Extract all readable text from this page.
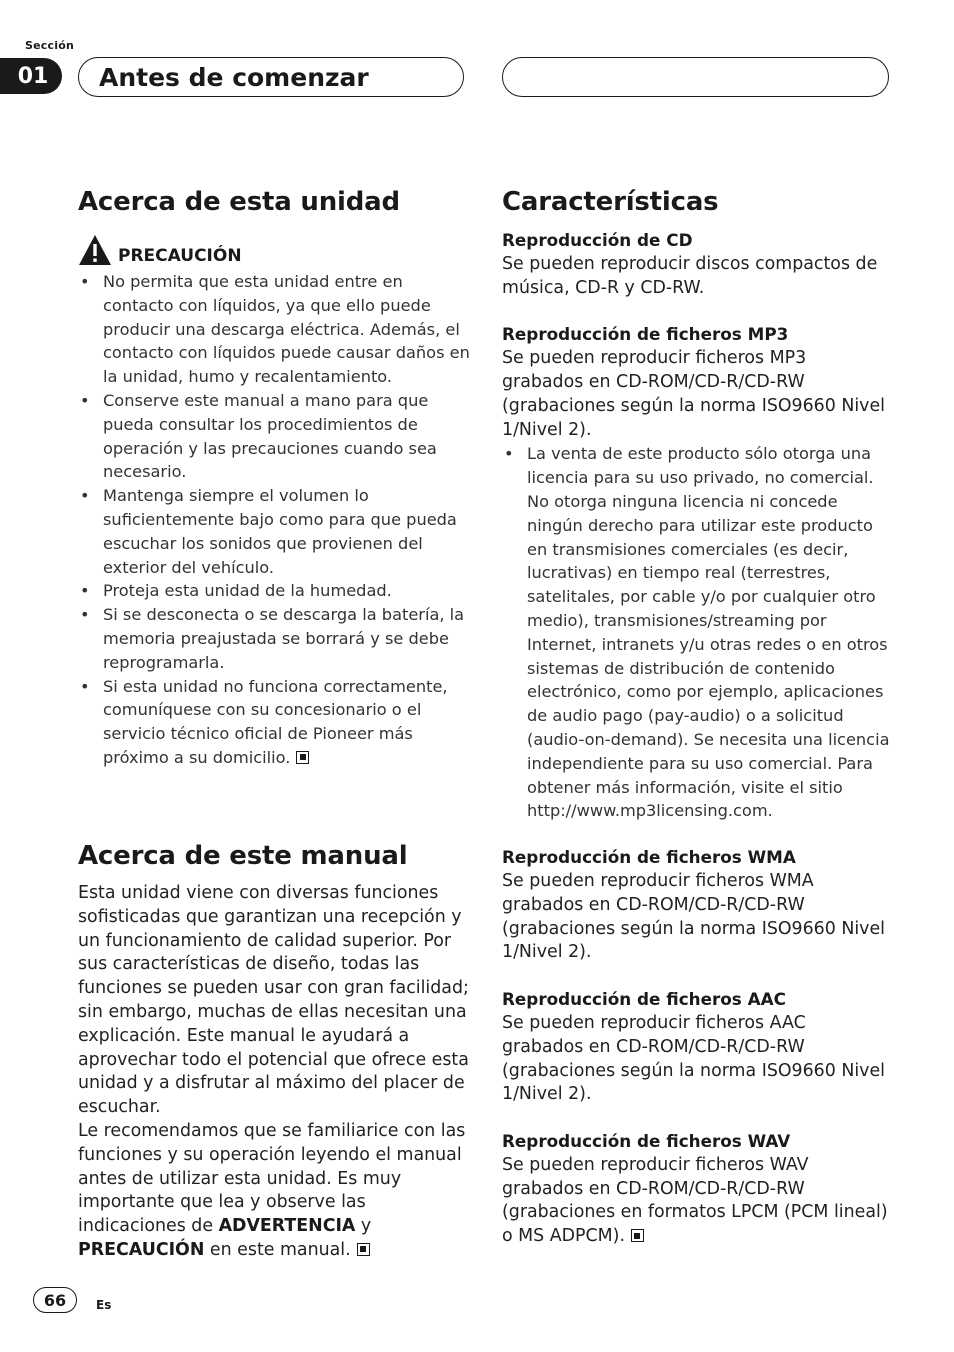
Sección
01	Antes de comenzar
Acerca de esta unidad
PRECAUCIÓN
• No permita que esta unidad entre en contacto con líquidos, ya que ello puede producir una descarga eléctrica. Además, el contacto con líquidos puede causar daños en la unidad, humo y recalentamiento.
• Conserve este manual a mano para que pueda consultar los procedimientos de operación y las precauciones cuando sea necesario.
• Mantenga siempre el volumen lo suficientemente bajo como para que pueda escuchar los sonidos que provienen del exterior del vehículo.
• Proteja esta unidad de la humedad.
• Si se desconecta o se descarga la batería, la memoria preajustada se borrará y se debe reprogramarla.
• Si esta unidad no funciona correctamente, comuníquese con su concesionario o el servicio técnico oficial de Pioneer más próximo a su domicilio.
Acerca de este manual

Esta unidad viene con diversas funciones sofisticadas que garantizan una recepción y un funcionamiento de calidad superior. Por sus características de diseño, todas las funciones se pueden usar con gran facilidad; sin embargo, muchas de ellas necesitan una explicación. Este manual le ayudará a aprovechar todo el potencial que ofrece esta unidad y a disfrutar al máximo del placer de escuchar.

Le recomendamos que se familiarice con las funciones y su operación leyendo el manual antes de utilizar esta unidad. Es muy importante que lea y observe las indicaciones de ADVERTENCIA y PRECAUCIÓN en este manual.

Características

Reproducción de CD

Se pueden reproducir discos compactos de música, CD-R y CD-RW.

Reproducción de ficheros MP3

Se pueden reproducir ficheros MP3 grabados en CD-ROM/CD-R/CD-RW (grabaciones según la norma ISO9660 Nivel 1/Nivel 2).

• La venta de este producto sólo otorga una licencia para su uso privado, no comercial. No otorga ninguna licencia ni concede ningún derecho para utilizar este producto en transmisiones comerciales (es decir, lucrativas) en tiempo real (terrestres, satelitales, por cable y/o por cualquier otro medio), transmisiones/streaming por Internet, intranets y/u otras redes o en otros sistemas de distribución de contenido electrónico, como por ejemplo, aplicaciones de audio pago (pay-audio) o a solicitud (audio-on-demand). Se necesita una licencia independiente para su uso comercial. Para obtener más información, visite el sitio http://www.mp3licensing.com.

Reproducción de ficheros WMA

Se pueden reproducir ficheros WMA grabados en CD-ROM/CD-R/CD-RW (grabaciones según la norma ISO9660 Nivel 1/Nivel 2).

Reproducción de ficheros AAC

Se pueden reproducir ficheros AAC grabados en CD-ROM/CD-R/CD-RW (grabaciones según la norma ISO9660 Nivel 1/Nivel 2).

Reproducción de ficheros WAV

Se pueden reproducir ficheros WAV grabados en CD-ROM/CD-R/CD-RW (grabaciones en formatos LPCM (PCM lineal) o MS ADPCM).

66	Es
